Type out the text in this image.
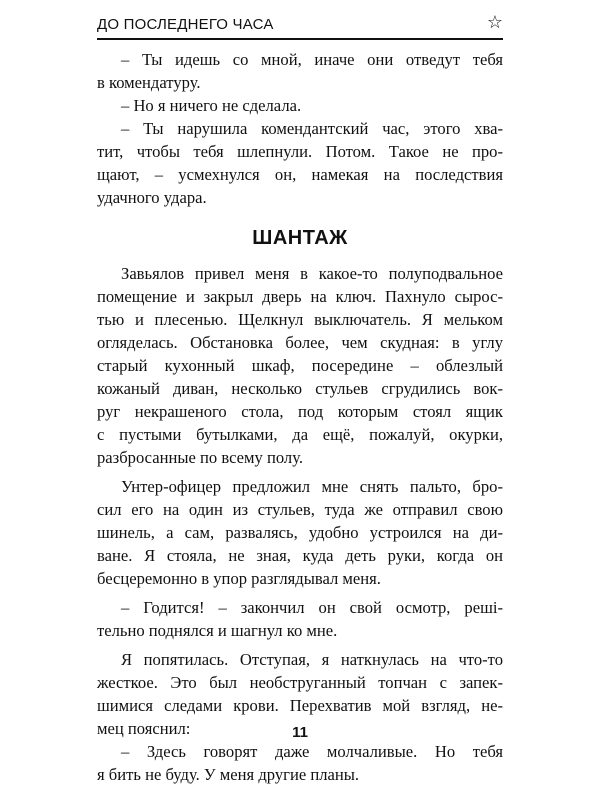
ДО ПОСЛЕДНЕГО ЧАСА	☆
– Ты идешь со мной, иначе они отведут тебя
в комендатуру.
– Но я ничего не сделала.
– Ты нарушила комендантский час, этого хва-
тит, чтобы тебя шлепнули. Потом. Такое не про-
щают, – усмехнулся он, намекая на последствия
удачного удара.
ШАНТАЖ
Завьялов привел меня в какое-то полуподвальное
помещение и закрыл дверь на ключ. Пахнуло сырос-
тью и плесенью. Щелкнул выключатель. Я мельком
огляделась. Обстановка более, чем скудная: в углу
старый кухонный шкаф, посередине – облезлый
кожаный диван, несколько стульев сгрудились вок-
руг некрашеного стола, под которым стоял ящик
с пустыми бутылками, да ещё, пожалуй, окурки,
разбросанные по всему полу.
Унтер-офицер предложил мне снять пальто, бро-
сил его на один из стульев, туда же отправил свою
шинель, а сам, развалясь, удобно устроился на ди-
ване. Я стояла, не зная, куда деть руки, когда он
бесцеремонно в упор разглядывал меня.
– Годится! – закончил он свой осмотр, решi-
тельно поднялся и шагнул ко мне.
Я попятилась. Отступая, я наткнулась на что-то
жесткое. Это был необструганный топчан с запек-
шимися следами крови. Перехватив мой взгляд, не-
мец пояснил:
– Здесь говорят даже молчаливые. Но тебя
я бить не буду. У меня другие планы.
11
